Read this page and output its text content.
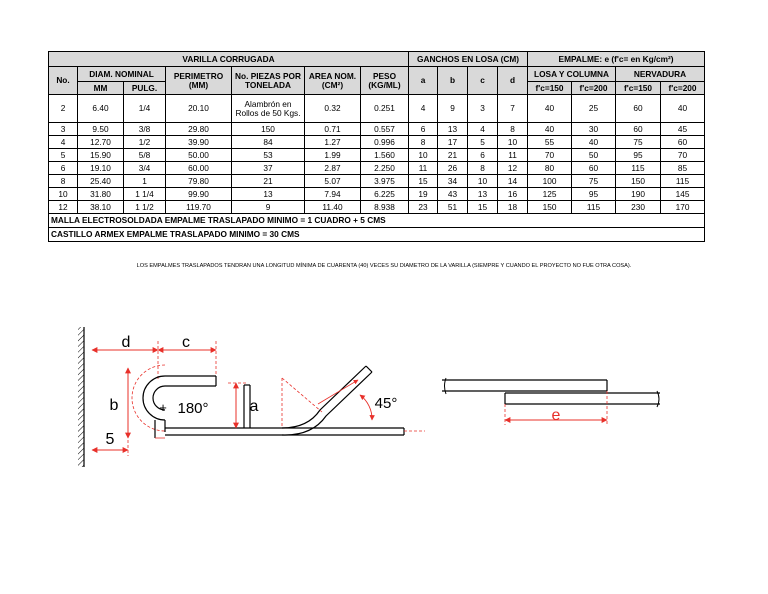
VARILLA CORRUGADA							GANCHOS EN LOSA (CM)				EMPALME: e (f'c= en Kg/cm²)			
No.	DIAM. NOMINAL		PERIMETRO (MM)	No. PIEZAS POR TONELADA	AREA NOM. (CM²)	PESO (KG/ML)	a	b	c	d	LOSA Y COLUMNA		NERVADURA	
	MM	PULG.									f'c=150	f'c=200	f'c=150	f'c=200
2	6.40	1/4	20.10	Alambrón en Rollos de 50 Kgs.	0.32	0.251	4	9	3	7	40	25	60	40
3	9.50	3/8	29.80	150	0.71	0.557	6	13	4	8	40	30	60	45
4	12.70	1/2	39.90	84	1.27	0.996	8	17	5	10	55	40	75	60
5	15.90	5/8	50.00	53	1.99	1.560	10	21	6	11	70	50	95	70
6	19.10	3/4	60.00	37	2.87	2.250	11	26	8	12	80	60	115	85
8	25.40	1	79.80	21	5.07	3.975	15	34	10	14	100	75	150	115
10	31.80	1 1/4	99.90	13	7.94	6.225	19	43	13	16	125	95	190	145
12	38.10	1 1/2	119.70	9	11.40	8.938	23	51	15	18	150	115	230	170
MALLA ELECTROSOLDADA EMPALME TRASLAPADO MINIMO = 1 CUADRO + 5 CMS														
CASTILLO ARMEX EMPALME TRASLAPADO MINIMO = 30 CMS														
LOS EMPALMES TRASLAPADOS TENDRAN UNA LONGITUD MÍNIMA DE CUARENTA (40) VECES SU DIAMETRO DE LA VARILLA (SIEMPRE Y CUANDO EL PROYECTO NO FUE OTRA COSA).
d	c
b	+ 180°
5
a	45°
e
